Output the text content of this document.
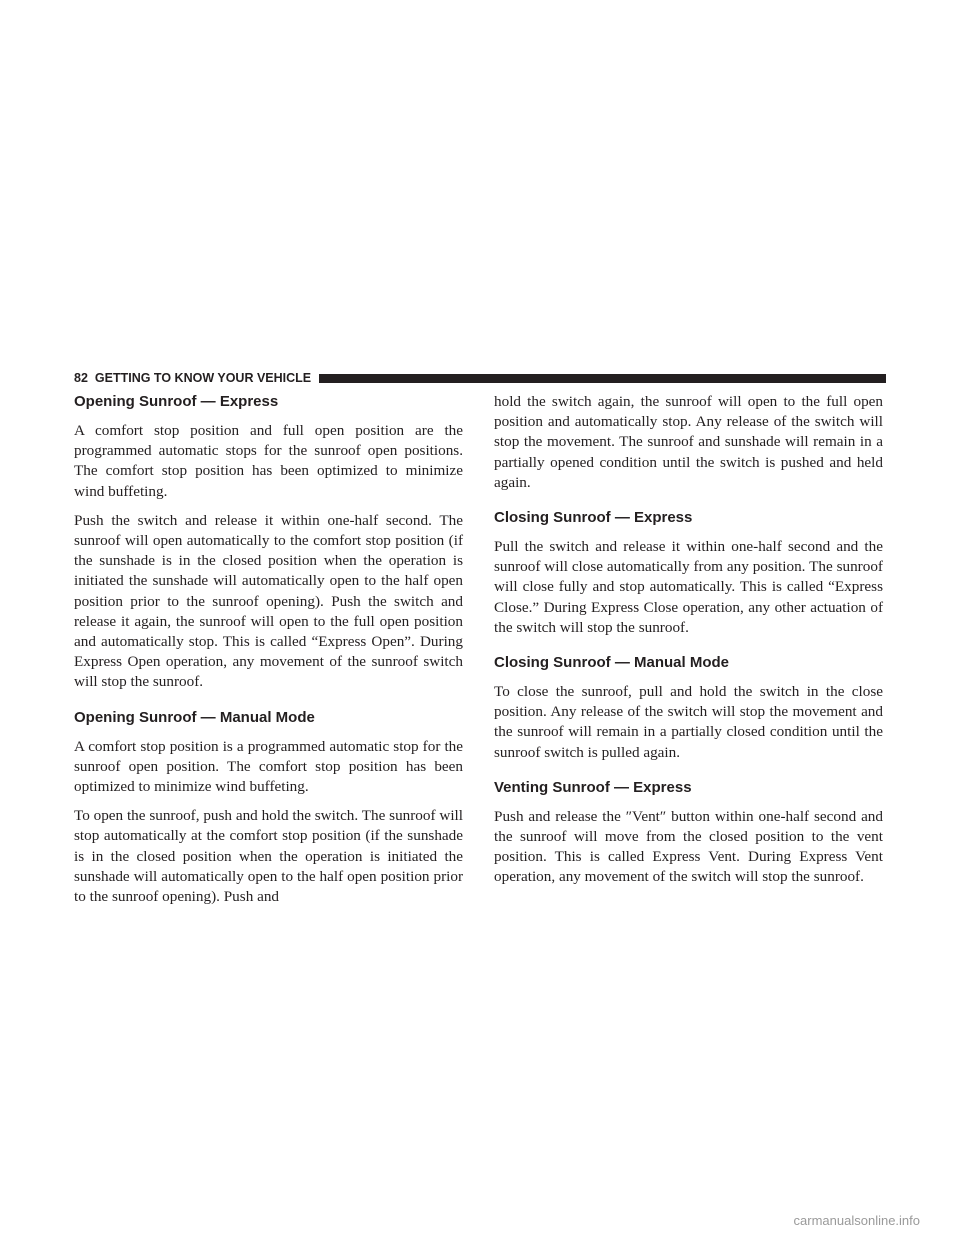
82 GETTING TO KNOW YOUR VEHICLE
Opening Sunroof — Express

A comfort stop position and full open position are the programmed automatic stops for the sunroof open positions. The comfort stop position has been optimized to minimize wind buffeting.

Push the switch and release it within one-half second. The sunroof will open automatically to the comfort stop position (if the sunshade is in the closed position when the operation is initiated the sunshade will automatically open to the half open position prior to the sunroof opening). Push the switch and release it again, the sunroof will open to the full open position and automatically stop. This is called “Express Open”. During Express Open operation, any movement of the sunroof switch will stop the sunroof.

Opening Sunroof — Manual Mode

A comfort stop position is a programmed automatic stop for the sunroof open position. The comfort stop position has been optimized to minimize wind buffeting.

To open the sunroof, push and hold the switch. The sunroof will stop automatically at the comfort stop position (if the sunshade is in the closed position when the operation is initiated the sunshade will automatically open to the half open position prior to the sunroof opening). Push and

hold the switch again, the sunroof will open to the full open position and automatically stop. Any release of the switch will stop the movement. The sunroof and sunshade will remain in a partially opened condition until the switch is pushed and held again.

Closing Sunroof — Express

Pull the switch and release it within one-half second and the sunroof will close automatically from any position. The sunroof will close fully and stop automatically. This is called “Express Close.” During Express Close operation, any other actuation of the switch will stop the sunroof.

Closing Sunroof — Manual Mode

To close the sunroof, pull and hold the switch in the close position. Any release of the switch will stop the movement and the sunroof will remain in a partially closed condition until the sunroof switch is pulled again.

Venting Sunroof — Express

Push and release the ″Vent″ button within one-half second and the sunroof will move from the closed position to the vent position. This is called Express Vent. During Express Vent operation, any movement of the switch will stop the sunroof.

carmanualsonline.info
